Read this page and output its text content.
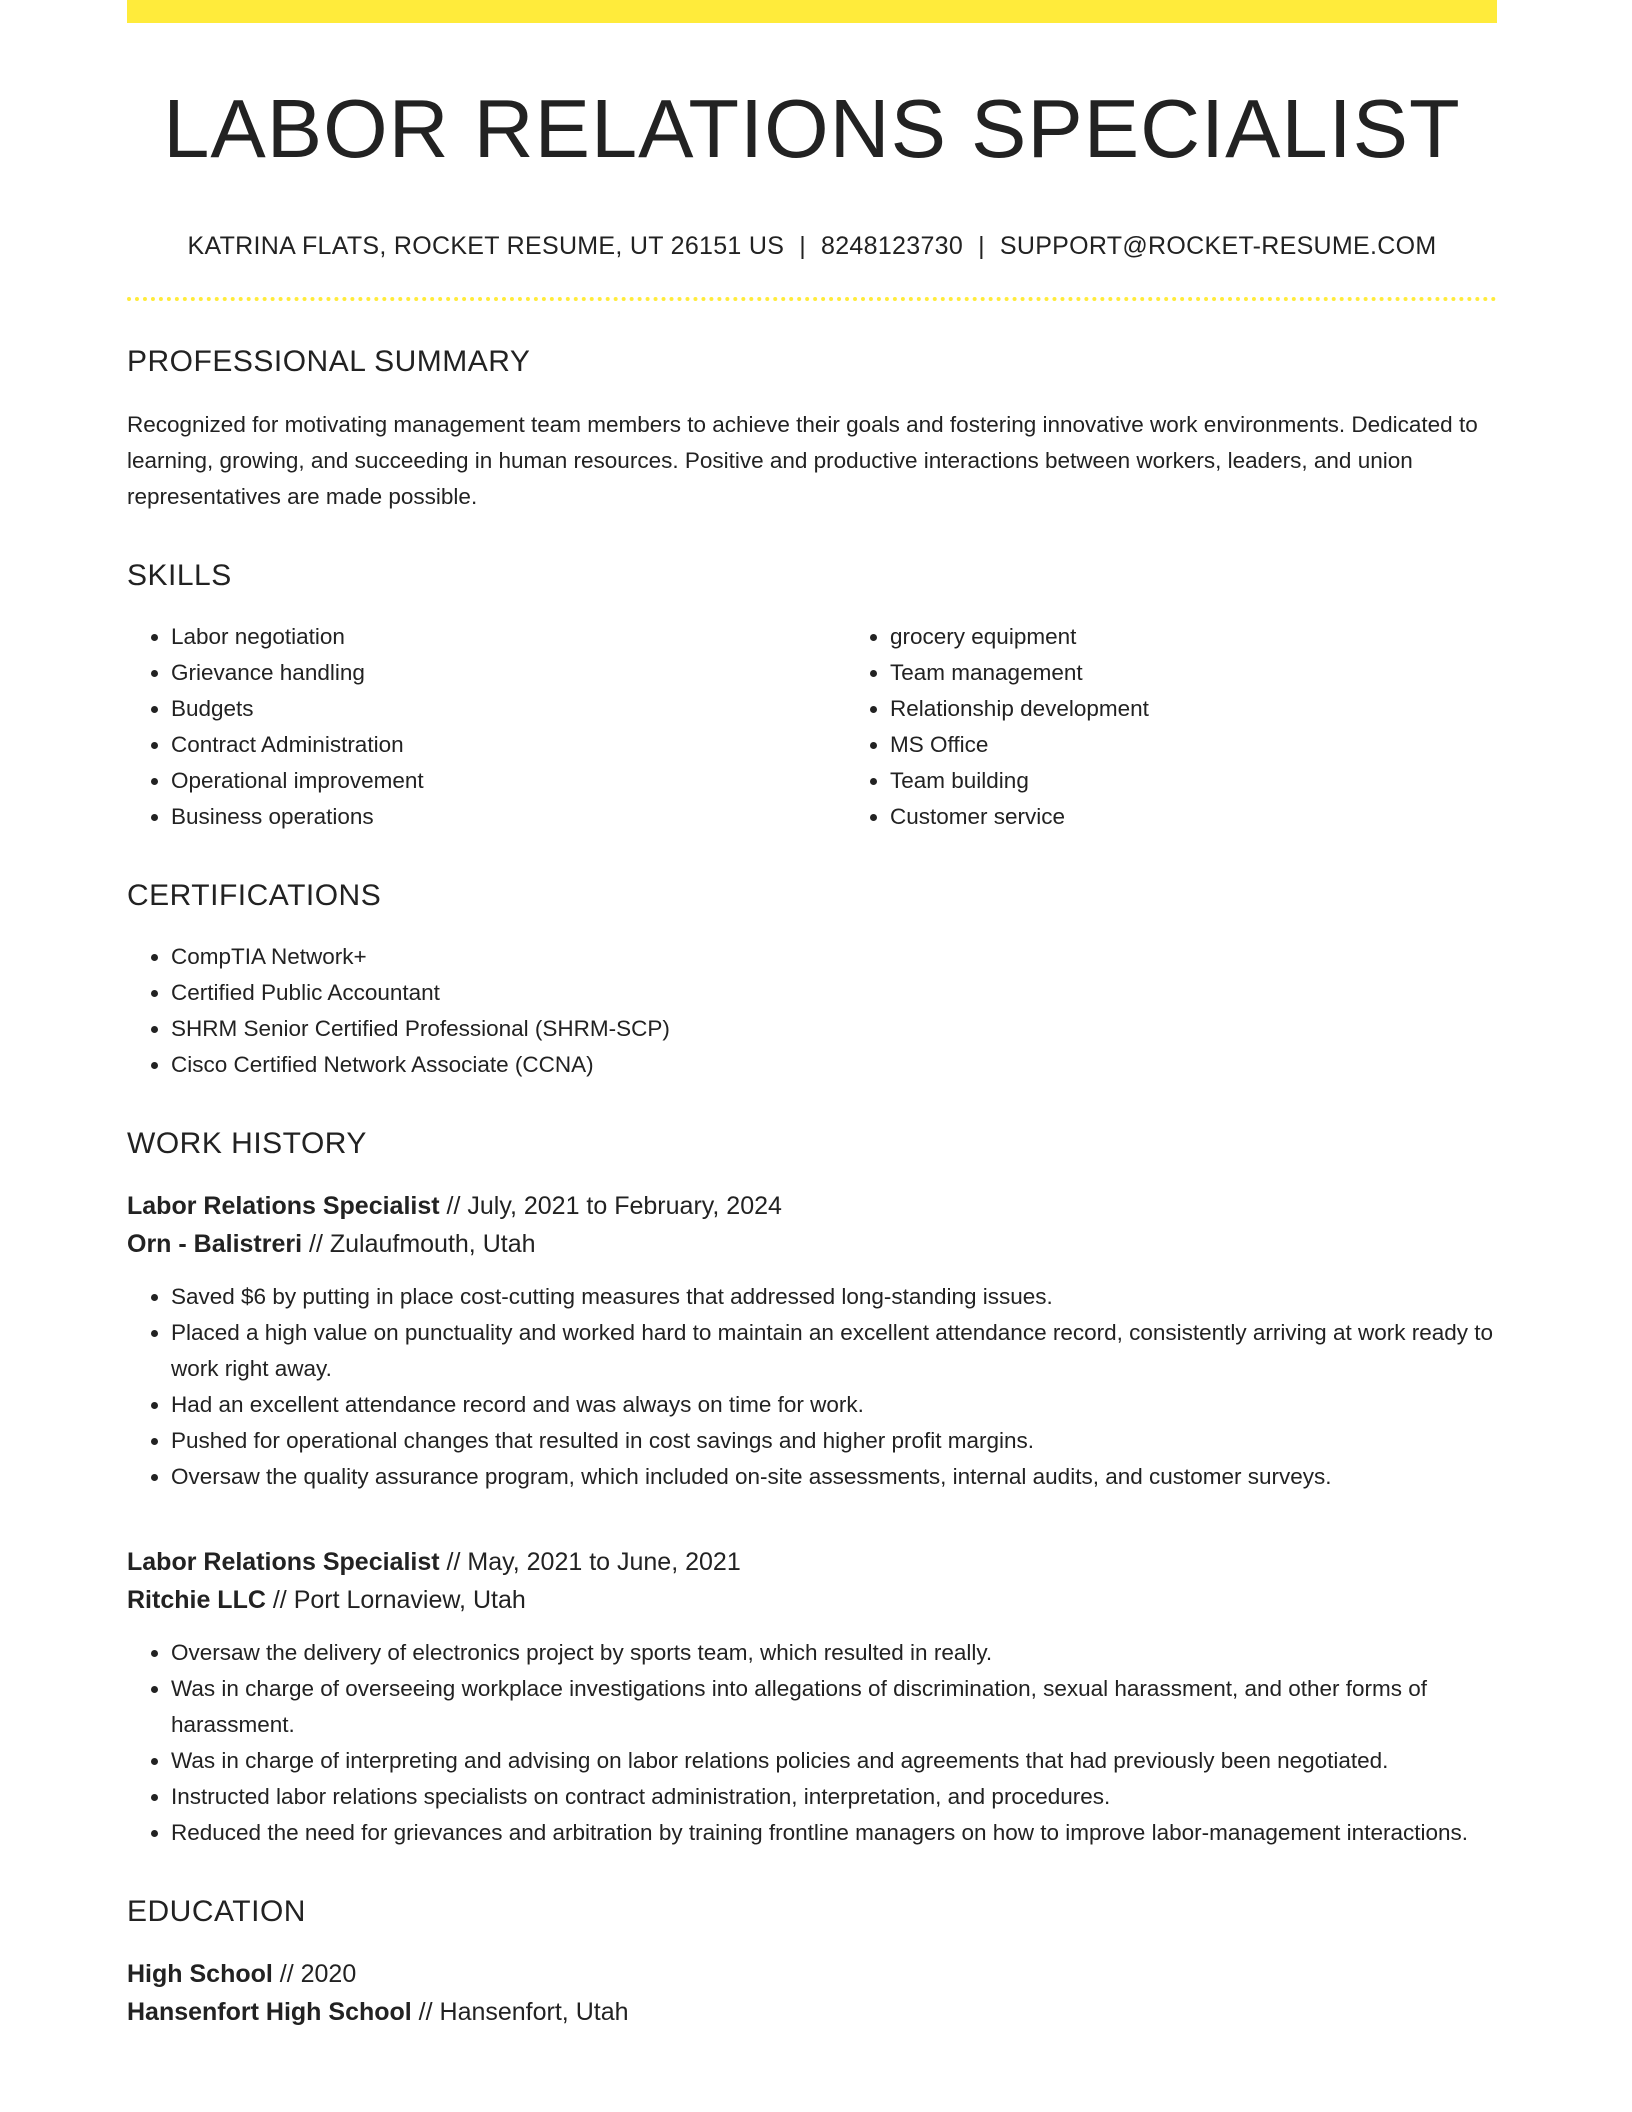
LABOR RELATIONS SPECIALIST
KATRINA FLATS, ROCKET RESUME, UT 26151 US | 8248123730 | SUPPORT@ROCKET-RESUME.COM
PROFESSIONAL SUMMARY
Recognized for motivating management team members to achieve their goals and fostering innovative work environments. Dedicated to learning, growing, and succeeding in human resources. Positive and productive interactions between workers, leaders, and union representatives are made possible.
SKILLS
• Labor negotiation
• Grievance handling
• Budgets
• Contract Administration
• Operational improvement
• Business operations
• grocery equipment
• Team management
• Relationship development
• MS Office
• Team building
• Customer service
CERTIFICATIONS
• CompTIA Network+
• Certified Public Accountant
• SHRM Senior Certified Professional (SHRM-SCP)
• Cisco Certified Network Associate (CCNA)
WORK HISTORY
Labor Relations Specialist // July, 2021 to February, 2024
Orn - Balistreri // Zulaufmouth, Utah
• Saved $6 by putting in place cost-cutting measures that addressed long-standing issues.
• Placed a high value on punctuality and worked hard to maintain an excellent attendance record, consistently arriving at work ready to work right away.
• Had an excellent attendance record and was always on time for work.
• Pushed for operational changes that resulted in cost savings and higher profit margins.
• Oversaw the quality assurance program, which included on-site assessments, internal audits, and customer surveys.
Labor Relations Specialist // May, 2021 to June, 2021
Ritchie LLC // Port Lornaview, Utah
• Oversaw the delivery of electronics project by sports team, which resulted in really.
• Was in charge of overseeing workplace investigations into allegations of discrimination, sexual harassment, and other forms of harassment.
• Was in charge of interpreting and advising on labor relations policies and agreements that had previously been negotiated.
• Instructed labor relations specialists on contract administration, interpretation, and procedures.
• Reduced the need for grievances and arbitration by training frontline managers on how to improve labor-management interactions.
EDUCATION
High School // 2020
Hansenfort High School // Hansenfort, Utah
